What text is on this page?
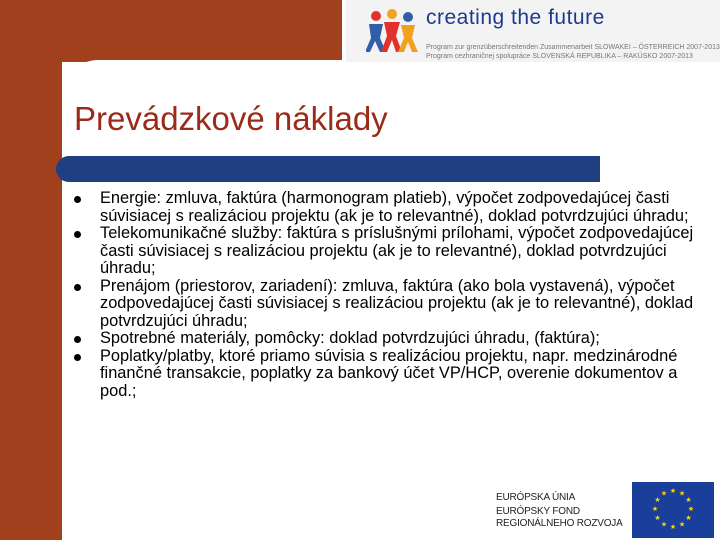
creating the future
Program zur grenzüberschreitenden Zusammenarbeit SLOWAKEI – ÖSTERREICH 2007-2013
Program cezhraničnej spolupráce SLOVENSKÁ REPUBLIKA – RAKÚSKO 2007-2013
Prevádzkové náklady
Energie: zmluva, faktúra (harmonogram platieb), výpočet zodpovedajúcej časti súvisiacej s realizáciou projektu (ak je to relevantné), doklad potvrdzujúci úhradu;
Telekomunikačné služby: faktúra s príslušnými prílohami, výpočet zodpovedajúcej časti súvisiacej s realizáciou projektu (ak je to relevantné), doklad potvrdzujúci úhradu;
Prenájom (priestorov, zariadení): zmluva, faktúra (ako bola vystavená), výpočet zodpovedajúcej časti súvisiacej s realizáciou projektu (ak je to relevantné), doklad potvrdzujúci úhradu;
Spotrebné materiály, pomôcky: doklad potvrdzujúci úhradu, (faktúra);
Poplatky/platby, ktoré priamo súvisia s realizáciou projektu, napr. medzinárodné finančné transakcie, poplatky za bankový účet VP/HCP, overenie dokumentov a pod.;
EURÓPSKA ÚNIA
EURÓPSKY FOND
REGIONÁLNEHO ROZVOJA
★ ★
★
★
★
★
★
★
★
★
★
★
